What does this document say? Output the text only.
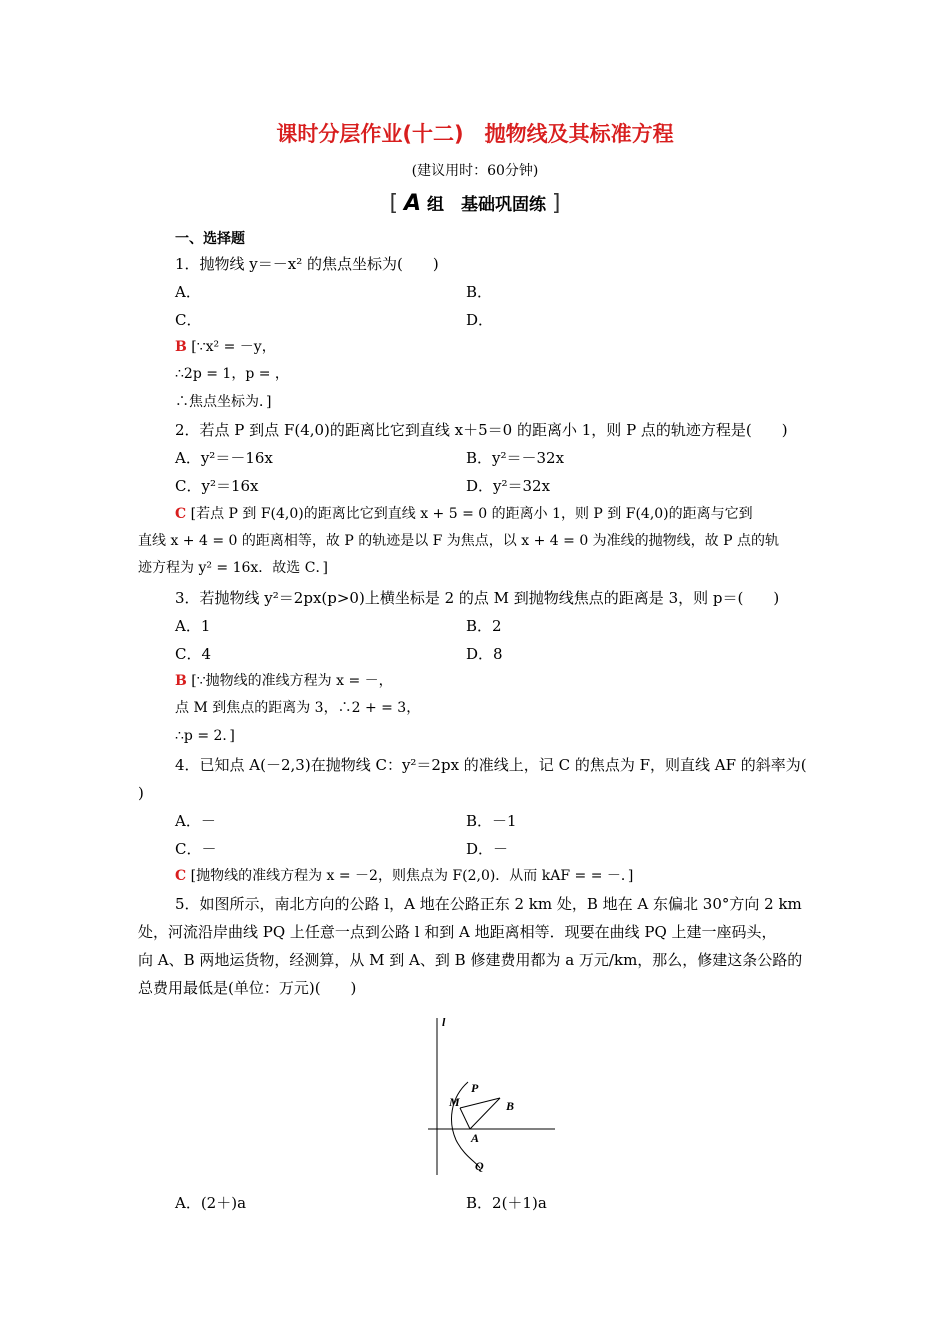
课时分层作业(十二)　抛物线及其标准方程
(建议用时：60分钟)
[ A 组　基础巩固练 ]
一、选择题
1．抛物线 y＝－x² 的焦点坐标为(　　)
A．	B．
C．	D．
B [∵x² = －y，
∴2p = 1，p = ，
∴焦点坐标为．]
2．若点 P 到点 F(4,0)的距离比它到直线 x＋5＝0 的距离小 1，则 P 点的轨迹方程是(　　)
A．y²＝－16x	B．y²＝－32x
C．y²＝16x	D．y²＝32x
C [若点 P 到 F(4,0)的距离比它到直线 x + 5 = 0 的距离小 1，则 P 到 F(4,0)的距离与它到
直线 x + 4 = 0 的距离相等，故 P 的轨迹是以 F 为焦点，以 x + 4 = 0 为准线的抛物线，故 P 点的轨
迹方程为 y² = 16x．故选 C．]
3．若抛物线 y²＝2px(p>0)上横坐标是 2 的点 M 到抛物线焦点的距离是 3，则 p＝(　　)
A．1	B．2
C．4	D．8
B [∵抛物线的准线方程为 x = －，
点 M 到焦点的距离为 3，∴2 + = 3，
∴p = 2．]
4．已知点 A(－2,3)在抛物线 C：y²＝2px 的准线上，记 C 的焦点为 F，则直线 AF 的斜率为(
)
A．－	B．－1
C．－	D．－
C [抛物线的准线方程为 x = －2，则焦点为 F(2,0)．从而 kAF = = －．]
5．如图所示，南北方向的公路 l，A 地在公路正东 2 km 处，B 地在 A 东偏北 30°方向 2 km
处，河流沿岸曲线 PQ 上任意一点到公路 l 和到 A 地距离相等．现要在曲线 PQ 上建一座码头，
向 A、B 两地运货物，经测算，从 M 到 A、到 B 修建费用都为 a 万元/km，那么，修建这条公路的
总费用最低是(单位：万元)(　　)
l
P
M	B
A
Q
A．(2＋)a	B．2(＋1)a
